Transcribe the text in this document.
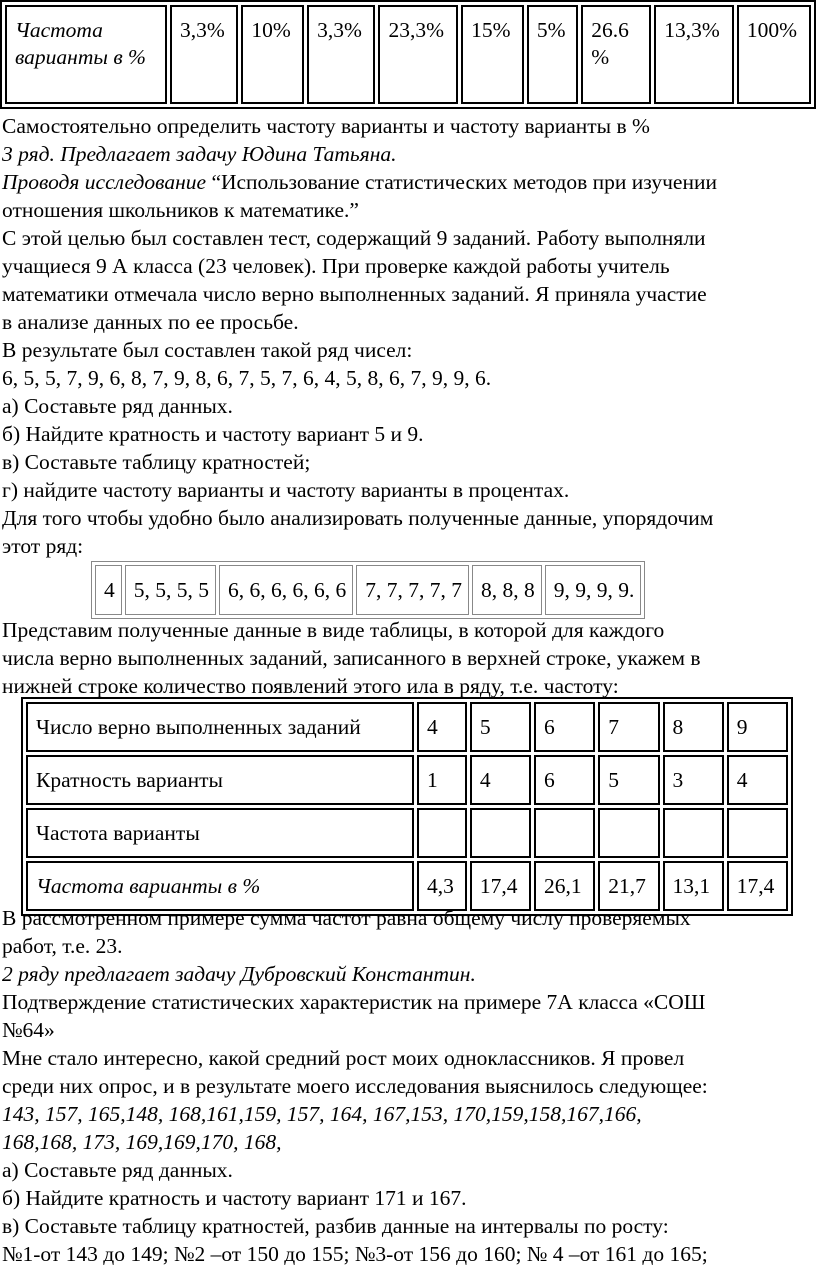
Частота варианты в %	3,3%	10%	3,3%	23,3%	15%	5%	26.6 %	13,3%	100%
Самостоятельно определить частоту варианты и частоту варианты в %
3 ряд. Предлагает задачу Юдина Татьяна.
Проводя исследование “Использование статистических методов при изучении
отношения школьников к математике.”
С этой целью был составлен тест, содержащий 9 заданий. Работу выполняли
учащиеся 9 А класса (23 человек). При проверке каждой работы учитель
математики отмечала число верно выполненных заданий. Я приняла участие
в анализе данных по ее просьбе.
В результате был составлен такой ряд чисел:
6, 5, 5, 7, 9, 6, 8, 7, 9, 8, 6, 7, 5, 7, 6, 4, 5, 8, 6, 7, 9, 9, 6.
а) Составьте ряд данных.
б) Найдите кратность и частоту вариант 5 и 9.
в) Составьте таблицу кратностей;
г) найдите частоту варианты и частоту варианты в процентах.
Для того чтобы удобно было анализировать полученные данные, упорядочим
этот ряд:
4	5, 5, 5, 5	6, 6, 6, 6, 6, 6	7, 7, 7, 7, 7	8, 8, 8	9, 9, 9, 9.
Представим полученные данные в виде таблицы, в которой для каждого
числа верно выполненных заданий, записанного в верхней строке, укажем в
нижней строке количество появлений этого ила в ряду, т.е. частоту:
Число верно выполненных заданий	4	5	6	7	8	9
Кратность варианты	1	4	6	5	3	4
Частота варианты						
Частота варианты в %	4,3	17,4	26,1	21,7	13,1	17,4
В рассмотренном примере сумма частот равна общему числу проверяемых
работ, т.е. 23.
2 ряду предлагает задачу Дубровский Константин.
Подтверждение статистических характеристик на примере 7А класса «СОШ
№64»
Мне стало интересно, какой средний рост моих одноклассников. Я провел
среди них опрос, и в результате моего исследования выяснилось следующее:
143, 157, 165,148, 168,161,159, 157, 164, 167,153, 170,159,158,167,166,
168,168, 173, 169,169,170, 168,
а) Составьте ряд данных.
б) Найдите кратность и частоту вариант 171 и 167.
в) Составьте таблицу кратностей, разбив данные на интервалы по росту:
№1-от 143 до 149; №2 –от 150 до 155; №3-от 156 до 160; № 4 –от 161 до 165;
